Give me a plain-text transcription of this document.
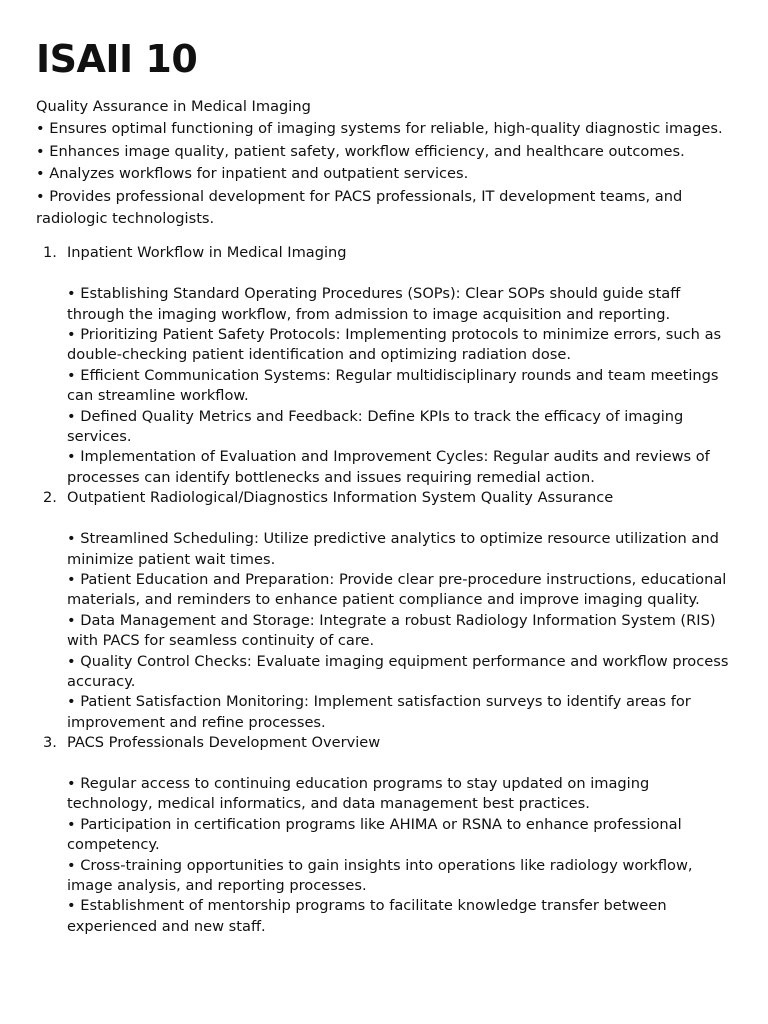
ISAII 10

Quality Assurance in Medical Imaging

• Ensures optimal functioning of imaging systems for reliable, high-quality diagnostic images.

• Enhances image quality, patient safety, workflow efficiency, and healthcare outcomes.

• Analyzes workflows for inpatient and outpatient services.

• Provides professional development for PACS professionals, IT development teams, and radiologic technologists.

1. Inpatient Workflow in Medical Imaging

• Establishing Standard Operating Procedures (SOPs): Clear SOPs should guide staff through the imaging workflow, from admission to image acquisition and reporting.

• Prioritizing Patient Safety Protocols: Implementing protocols to minimize errors, such as double-checking patient identification and optimizing radiation dose.

• Efficient Communication Systems: Regular multidisciplinary rounds and team meetings can streamline workflow.

• Defined Quality Metrics and Feedback: Define KPIs to track the efficacy of imaging services.

• Implementation of Evaluation and Improvement Cycles: Regular audits and reviews of processes can identify bottlenecks and issues requiring remedial action.

2. Outpatient Radiological/Diagnostics Information System Quality Assurance

• Streamlined Scheduling: Utilize predictive analytics to optimize resource utilization and minimize patient wait times.

• Patient Education and Preparation: Provide clear pre-procedure instructions, educational materials, and reminders to enhance patient compliance and improve imaging quality.

• Data Management and Storage: Integrate a robust Radiology Information System (RIS) with PACS for seamless continuity of care.

• Quality Control Checks: Evaluate imaging equipment performance and workflow process accuracy.

• Patient Satisfaction Monitoring: Implement satisfaction surveys to identify areas for improvement and refine processes.

3. PACS Professionals Development Overview

• Regular access to continuing education programs to stay updated on imaging technology, medical informatics, and data management best practices.

• Participation in certification programs like AHIMA or RSNA to enhance professional competency.

• Cross-training opportunities to gain insights into operations like radiology workflow, image analysis, and reporting processes.

• Establishment of mentorship programs to facilitate knowledge transfer between experienced and new staff.
